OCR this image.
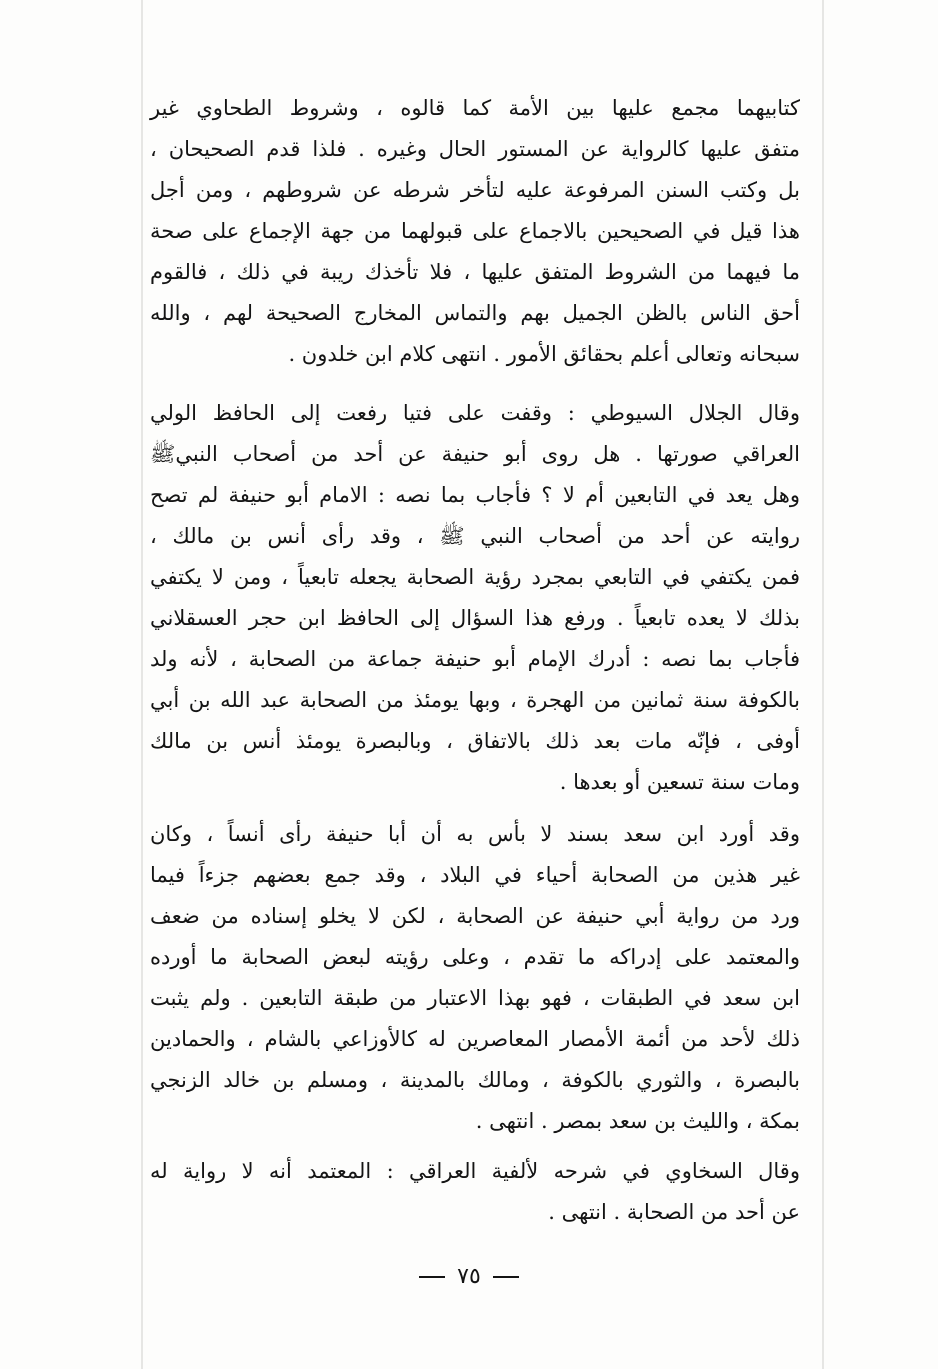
كتابيهما مجمع عليها بين الأمة كما قالوه ، وشروط الطحاوي غير
متفق عليها كالرواية عن المستور الحال وغيره . فلذا قدم الصحيحان ،
بل وكتب السنن المرفوعة عليه لتأخر شرطه عن شروطهم ، ومن أجل
هذا قيل في الصحيحين بالاجماع على قبولهما من جهة الإجماع على صحة
ما فيهما من الشروط المتفق عليها ، فلا تأخذك ريبة في ذلك ، فالقوم
أحق الناس بالظن الجميل بهم والتماس المخارج الصحيحة لهم ، والله
سبحانه وتعالى أعلم بحقائق الأمور . انتهى كلام ابن خلدون .
وقال الجلال السيوطي : وقفت على فتيا رفعت إلى الحافظ الولي
العراقي صورتها . هل روى أبو حنيفة عن أحد من أصحاب النبيﷺ
وهل يعد في التابعين أم لا ؟ فأجاب بما نصه : الامام أبو حنيفة لم تصح
روايته عن أحد من أصحاب النبي ﷺ ، وقد رأى أنس بن مالك ،
فمن يكتفي في التابعي بمجرد رؤية الصحابة يجعله تابعياً ، ومن لا يكتفي
بذلك لا يعده تابعياً . ورفع هذا السؤال إلى الحافظ ابن حجر العسقلاني
فأجاب بما نصه : أدرك الإمام أبو حنيفة جماعة من الصحابة ، لأنه ولد
بالكوفة سنة ثمانين من الهجرة ، وبها يومئذ من الصحابة عبد الله بن أبي
أوفى ، فإنّه مات بعد ذلك بالاتفاق ، وبالبصرة يومئذ أنس بن مالك
ومات سنة تسعين أو بعدها .
وقد أورد ابن سعد بسند لا بأس به أن أبا حنيفة رأى أنساً ، وكان
غير هذين من الصحابة أحياء في البلاد ، وقد جمع بعضهم جزءاً فيما
ورد من رواية أبي حنيفة عن الصحابة ، لكن لا يخلو إسناده من ضعف
والمعتمد على إدراكه ما تقدم ، وعلى رؤيته لبعض الصحابة ما أورده
ابن سعد في الطبقات ، فهو بهذا الاعتبار من طبقة التابعين . ولم يثبت
ذلك لأحد من أئمة الأمصار المعاصرين له كالأوزاعي بالشام ، والحمادين
بالبصرة ، والثوري بالكوفة ، ومالك بالمدينة ، ومسلم بن خالد الزنجي
بمكة ، والليث بن سعد بمصر . انتهى .
وقال السخاوي في شرحه لألفية العراقي : المعتمد أنه لا رواية له
عن أحد من الصحابة . انتهى .
٧٥
